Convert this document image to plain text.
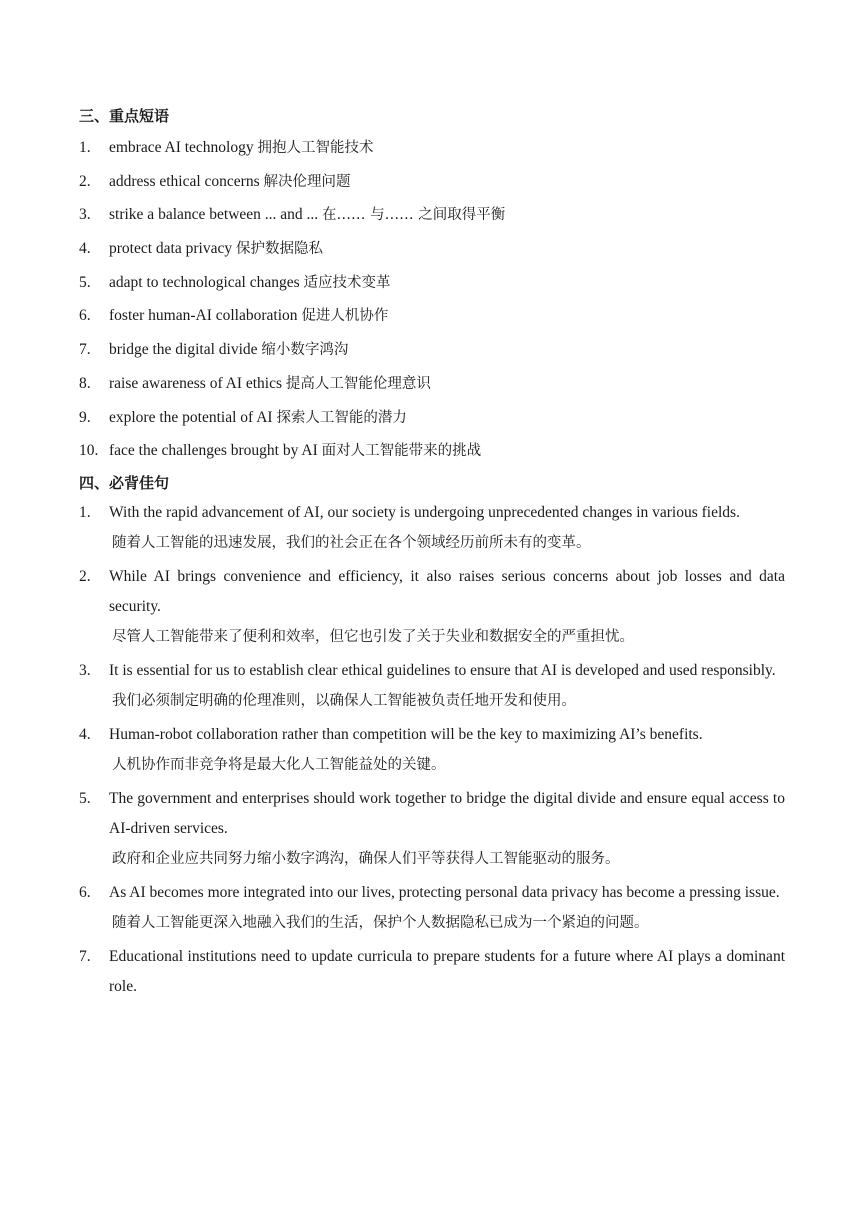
三、重点短语
1. embrace AI technology 拥抱人工智能技术
2. address ethical concerns 解决伦理问题
3. strike a balance between ... and ... 在…… 与…… 之间取得平衡
4. protect data privacy 保护数据隐私
5. adapt to technological changes 适应技术变革
6. foster human-AI collaboration 促进人机协作
7. bridge the digital divide 缩小数字鸿沟
8. raise awareness of AI ethics 提高人工智能伦理意识
9. explore the potential of AI 探索人工智能的潜力
10. face the challenges brought by AI 面对人工智能带来的挑战
四、必背佳句
1. With the rapid advancement of AI, our society is undergoing unprecedented changes in various fields.
随着人工智能的迅速发展，我们的社会正在各个领域经历前所未有的变革。
2. While AI brings convenience and efficiency, it also raises serious concerns about job losses and data security.
尽管人工智能带来了便利和效率，但它也引发了关于失业和数据安全的严重担忧。
3. It is essential for us to establish clear ethical guidelines to ensure that AI is developed and used responsibly.
我们必须制定明确的伦理准则，以确保人工智能被负责任地开发和使用。
4. Human-robot collaboration rather than competition will be the key to maximizing AI’s benefits.
人机协作而非竞争将是最大化人工智能益处的关键。
5. The government and enterprises should work together to bridge the digital divide and ensure equal access to AI-driven services.
政府和企业应共同努力缩小数字鸿沟，确保人们平等获得人工智能驱动的服务。
6. As AI becomes more integrated into our lives, protecting personal data privacy has become a pressing issue.
随着人工智能更深入地融入我们的生活，保护个人数据隐私已成为一个紧迫的问题。
7. Educational institutions need to update curricula to prepare students for a future where AI plays a dominant role.
